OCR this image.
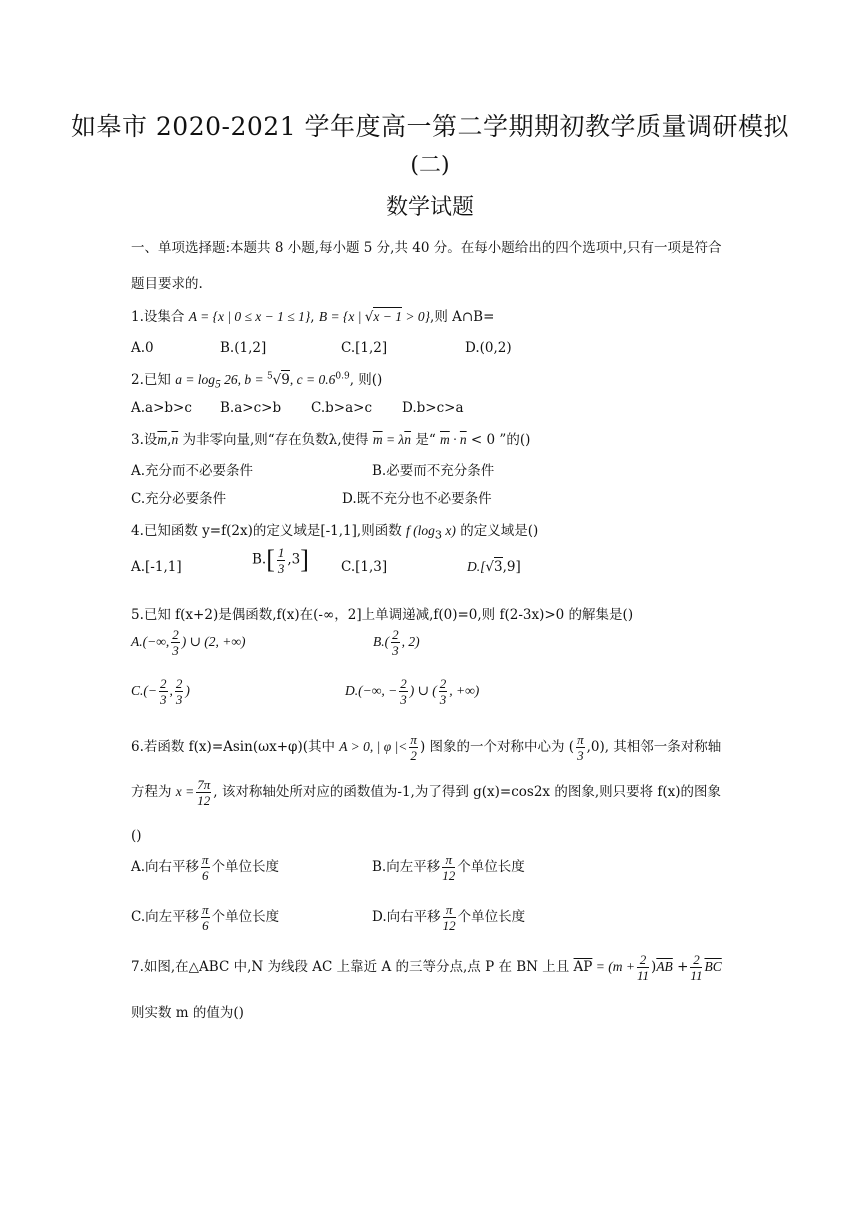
如皋市 2020-2021 学年度高一第二学期期初教学质量调研模拟
(二)
数学试题
一、单项选择题:本题共 8 小题,每小题 5 分,共 40 分。在每小题给出的四个选项中,只有一项是符合
题目要求的.
1.设集合 A = {x | 0 ≤ x − 1 ≤ 1}, B = {x | √x − 1 > 0},则 A∩B=
A.0	B.(1,2]	C.[1,2]	D.(0,2)
2.已知 $a = \log_5 26$, b = $^5$√9, $c = 0.6^{0.9}$, 则()
A.a>b>c B.a>c>b C.b>a>c D.b>c>a
3.设$\overline{m},\overline{n}$ 为非零向量,则“存在负数λ,使得 $\overline{m} = \lambda\overline{n}$ 是“ $\overline{m} \cdot \overline{n} < 0$ ”的()
A.充分而不必要条件	B.必要而不充分条件
C.充分必要条件	D.既不充分也不必要条件
4.已知函数 y=f(2x)的定义域是[-1,1],则函数 f ($\log_3$ x) 的定义域是()
A.[-1,1]	$B.[ \frac{1}{3} ,3]$ C.[1,3]	D.[√3,9]
5.已知 f(x+2)是偶函数,f(x)在(-∞，2]上单调递减,f(0)=0,则 f(2-3x)>0 的解集是()
A.(−∞, $\frac{2}{3}$ ) ∪ (2, +∞)	$B.( \frac{2}{3}$ , 2)
$C.(- \frac{2}{3}$ , $\frac{2}{3}$ )	D.(−∞, − $\frac{2}{3}$ ) ∪ ( $\frac{2}{3}$ , +∞)
6.若函数 f(x)=Asin(ωx+φ)(其中 A > 0, | φ |< $\frac{\pi}{2}$ ) 图象的一个对称中心为 ( $\frac{\pi}{3} ,0$), 其相邻一条对称轴
方程为 $x = \frac{7\pi}{12}$ , 该对称轴处所对应的函数值为-1,为了得到 g(x)=cos2x 的图象,则只要将 f(x)的图象
()
A.向右平移 $\frac{\pi}{6}$ 个单位长度	B.向左平移 $\frac{\pi}{12}$ 个单位长度
C.向左平移 $\frac{\pi}{6}$ 个单位长度	D.向右平移 $\frac{\pi}{12}$ 个单位长度
7.如图,在△ABC 中,N 为线段 AC 上靠近 A 的三等分点,点 P 在 BN 上且 $\overline{AP} = (m + \frac{2}{11} )\overline{AB} + \frac{2}{11} \overline{BC}$
则实数 m 的值为()
